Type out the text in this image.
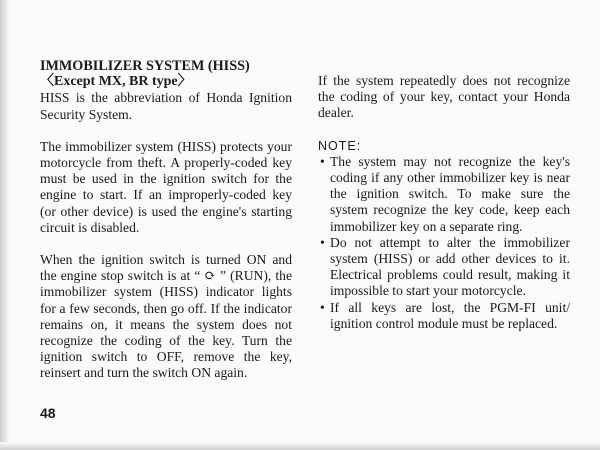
IMMOBILIZER SYSTEM (HISS)
〈Except MX, BR type〉

HISS is the abbreviation of Honda Ignition Security System.

The immobilizer system (HISS) protects your motorcycle from theft. A properly-coded key must be used in the ignition switch for the engine to start. If an improperly-coded key (or other device) is used the engine's starting circuit is disabled.

When the ignition switch is turned ON and the engine stop switch is at “ ⟳ ” (RUN), the immobilizer system (HISS) indicator lights for a few seconds, then go off. If the indicator remains on, it means the system does not recognize the coding of the key. Turn the ignition switch to OFF, remove the key, reinsert and turn the switch ON again.

If the system repeatedly does not recognize the coding of your key, contact your Honda dealer.

NOTE:
• The system may not recognize the key's coding if any other immobilizer key is near the ignition switch. To make sure the system recognize the key code, keep each immobilizer key on a separate ring.
• Do not attempt to alter the immobilizer system (HISS) or add other devices to it. Electrical problems could result, making it impossible to start your motorcycle.
• If all keys are lost, the PGM-FI unit/ ignition control module must be replaced.
48
